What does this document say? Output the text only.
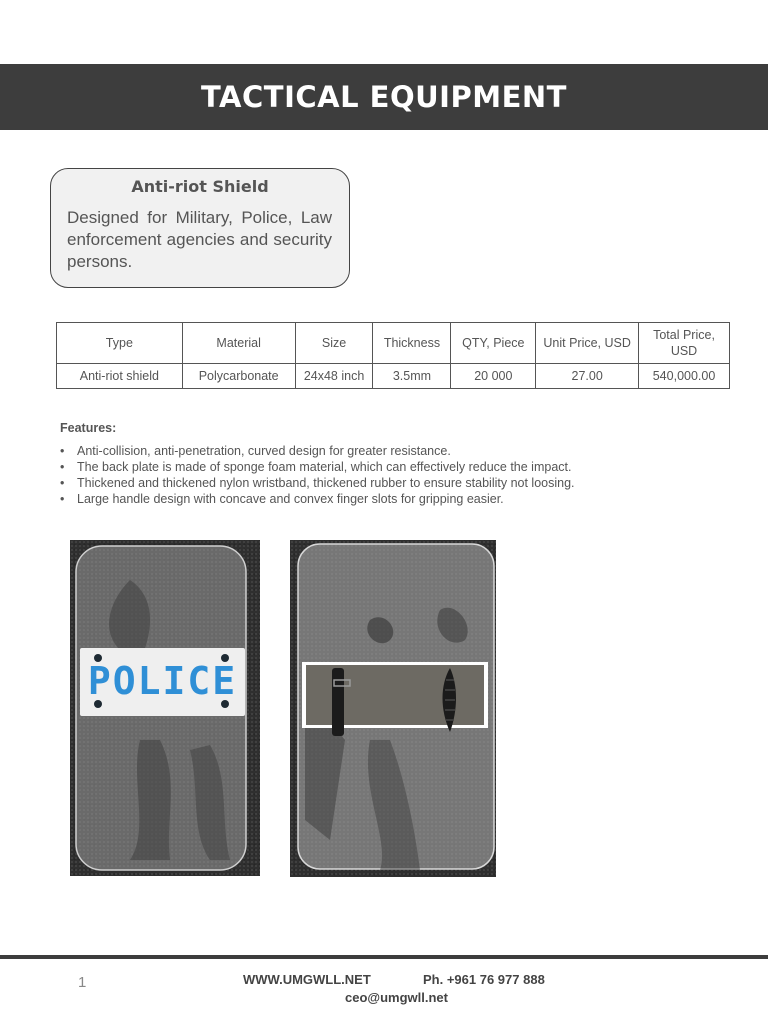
TACTICAL EQUIPMENT
Anti-riot Shield
Designed for Military, Police, Law enforcement agencies and security persons.
Type	Material	Size	Thickness	QTY, Piece	Unit Price, USD	Total Price, USD
Anti-riot shield	Polycarbonate	24x48 inch	3.5mm	20 000	27.00	540,000.00
Features:
• Anti-collision, anti-penetration, curved design for greater resistance.
• The back plate is made of sponge foam material, which can effectively reduce the impact.
• Thickened and thickened nylon wristband, thickened rubber to ensure stability not loosing.
• Large handle design with concave and convex finger slots for gripping easier.
POLICE
1	WWW.UMGWLL.NET	Ph. +961 76 977 888
ceo@umgwll.net
